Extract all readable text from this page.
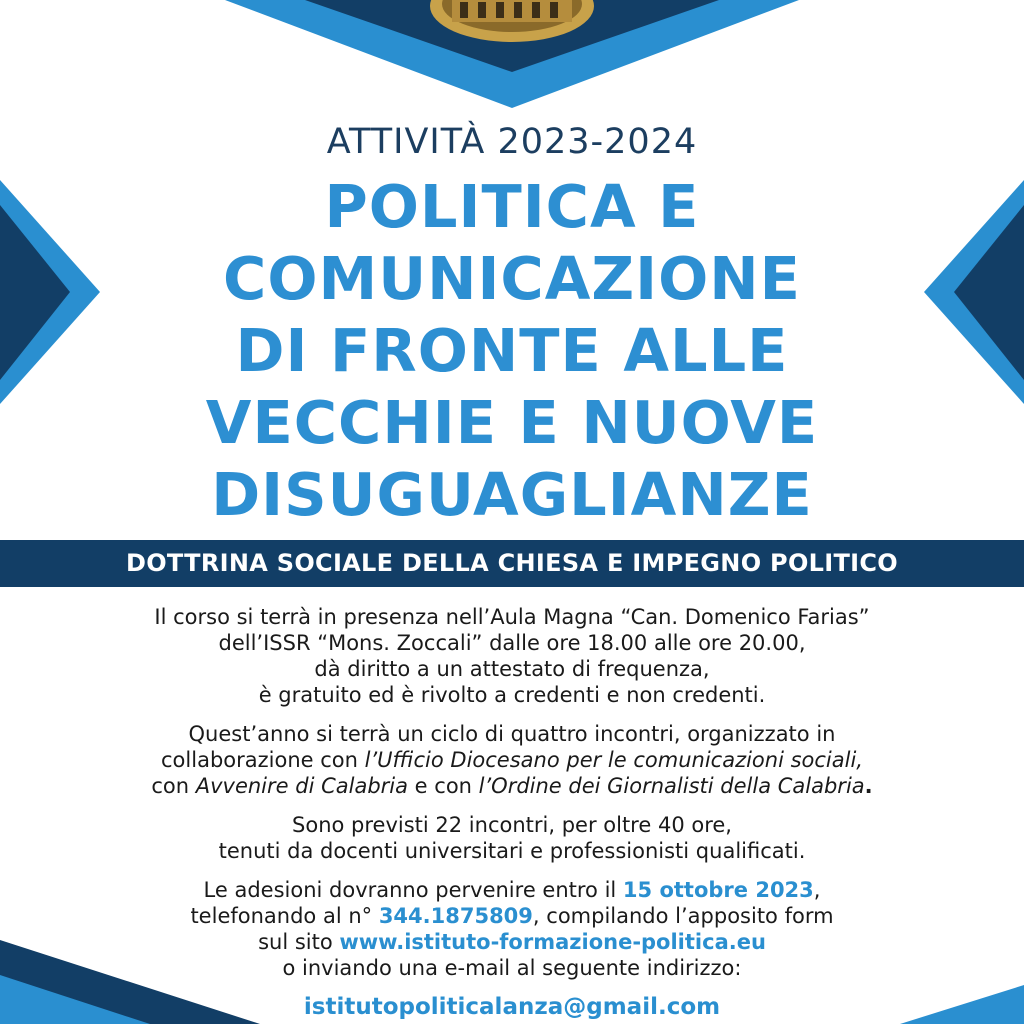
ATTIVITÀ 2023-2024
POLITICA E
COMUNICAZIONE
DI FRONTE ALLE
VECCHIE E NUOVE
DISUGUAGLIANZE
DOTTRINA SOCIALE DELLA CHIESA E IMPEGNO POLITICO

Il corso si terrà in presenza nell’Aula Magna “Can. Domenico Farias”
dell’ISSR “Mons. Zoccali” dalle ore 18.00 alle ore 20.00,
dà diritto a un attestato di frequenza,
è gratuito ed è rivolto a credenti e non credenti.

Quest’anno si terrà un ciclo di quattro incontri, organizzato in
collaborazione con l’Ufficio Diocesano per le comunicazioni sociali,
con Avvenire di Calabria e con l’Ordine dei Giornalisti della Calabria.

Sono previsti 22 incontri, per oltre 40 ore,
tenuti da docenti universitari e professionisti qualificati.

Le adesioni dovranno pervenire entro il 15 ottobre 2023,
telefonando al n° 344.1875809, compilando l’apposito form
sul sito www.istituto-formazione-politica.eu
o inviando una e-mail al seguente indirizzo:

istitutopoliticalanza@gmail.com
